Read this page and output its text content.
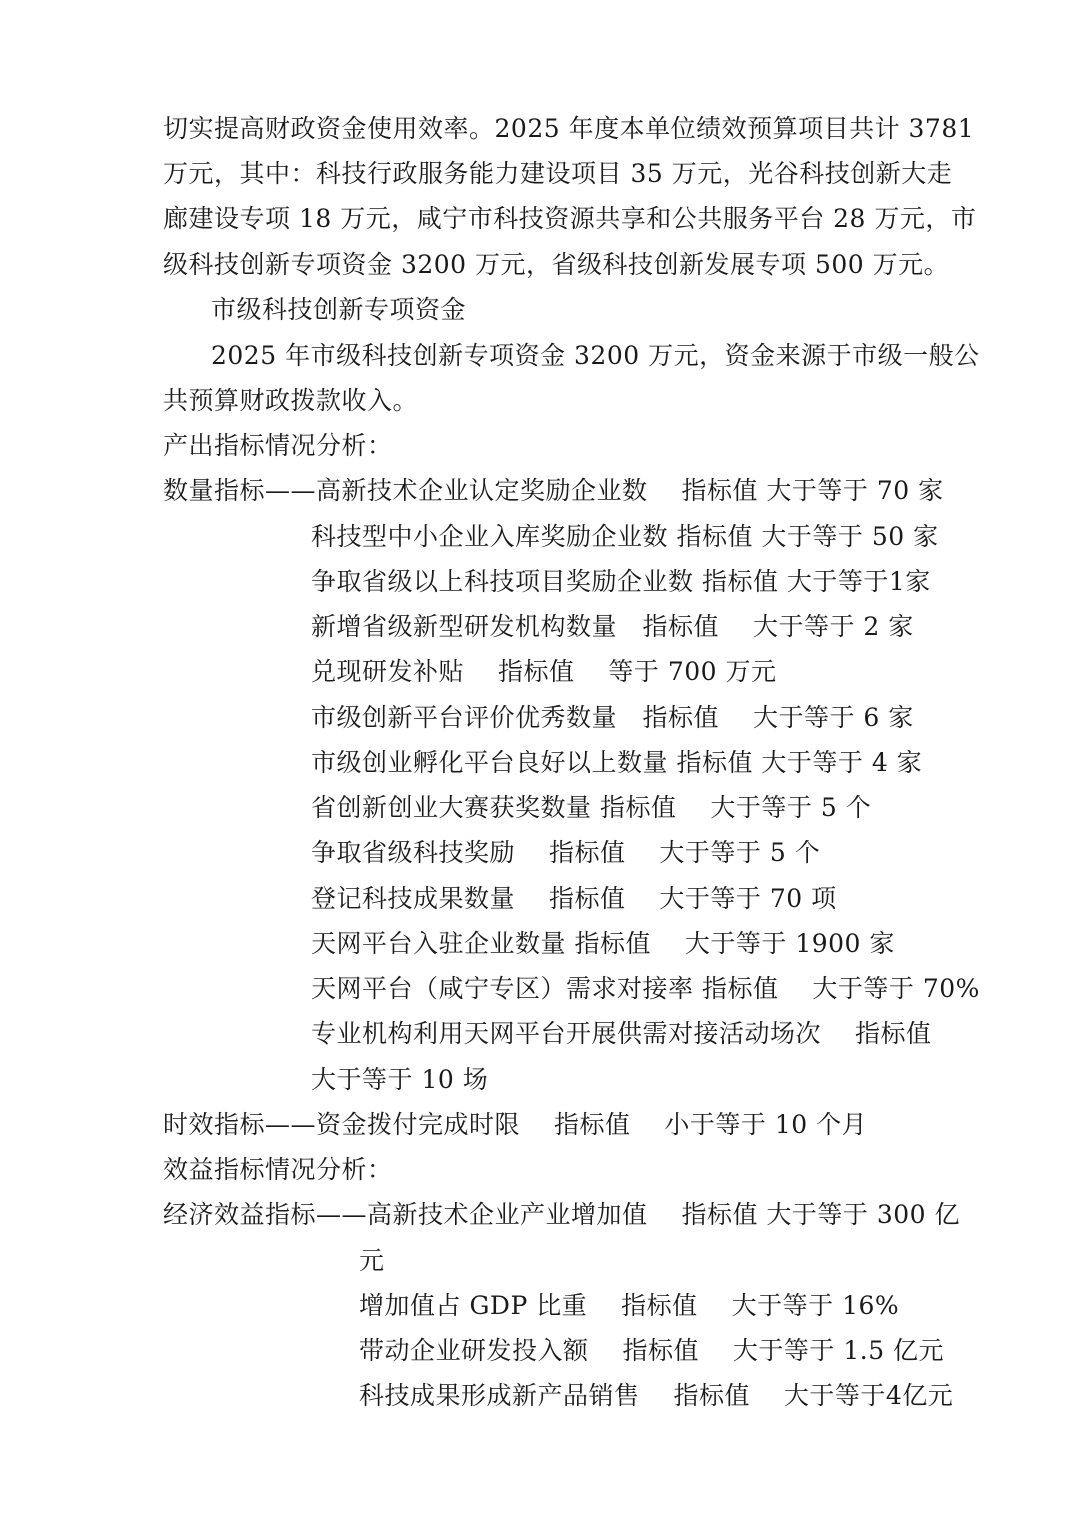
切实提高财政资金使用效率。2025 年度本单位绩效预算项目共计 3781
万元，其中：科技行政服务能力建设项目 35 万元，光谷科技创新大走
廊建设专项 18 万元，咸宁市科技资源共享和公共服务平台 28 万元，市
级科技创新专项资金 3200 万元，省级科技创新发展专项 500 万元。
市级科技创新专项资金
2025 年市级科技创新专项资金 3200 万元，资金来源于市级一般公
共预算财政拨款收入。
产出指标情况分析：
数量指标——高新技术企业认定奖励企业数　 指标值 大于等于 70 家
科技型中小企业入库奖励企业数 指标值 大于等于 50 家
争取省级以上科技项目奖励企业数 指标值 大于等于1家
新增省级新型研发机构数量　指标值　 大于等于 2 家
兑现研发补贴　 指标值　 等于 700 万元
市级创新平台评价优秀数量　指标值　 大于等于 6 家
市级创业孵化平台良好以上数量 指标值 大于等于 4 家
省创新创业大赛获奖数量 指标值　 大于等于 5 个
争取省级科技奖励　 指标值　 大于等于 5 个
登记科技成果数量　 指标值　 大于等于 70 项
天网平台入驻企业数量 指标值　 大于等于 1900 家
天网平台（咸宁专区）需求对接率 指标值　 大于等于 70%
专业机构利用天网平台开展供需对接活动场次　 指标值
大于等于 10 场
时效指标——资金拨付完成时限　 指标值　 小于等于 10 个月
效益指标情况分析：
经济效益指标——高新技术企业产业增加值　 指标值 大于等于 300 亿
元
增加值占 GDP 比重　 指标值　 大于等于 16%
带动企业研发投入额　 指标值　 大于等于 1.5 亿元
科技成果形成新产品销售　 指标值　 大于等于4亿元
